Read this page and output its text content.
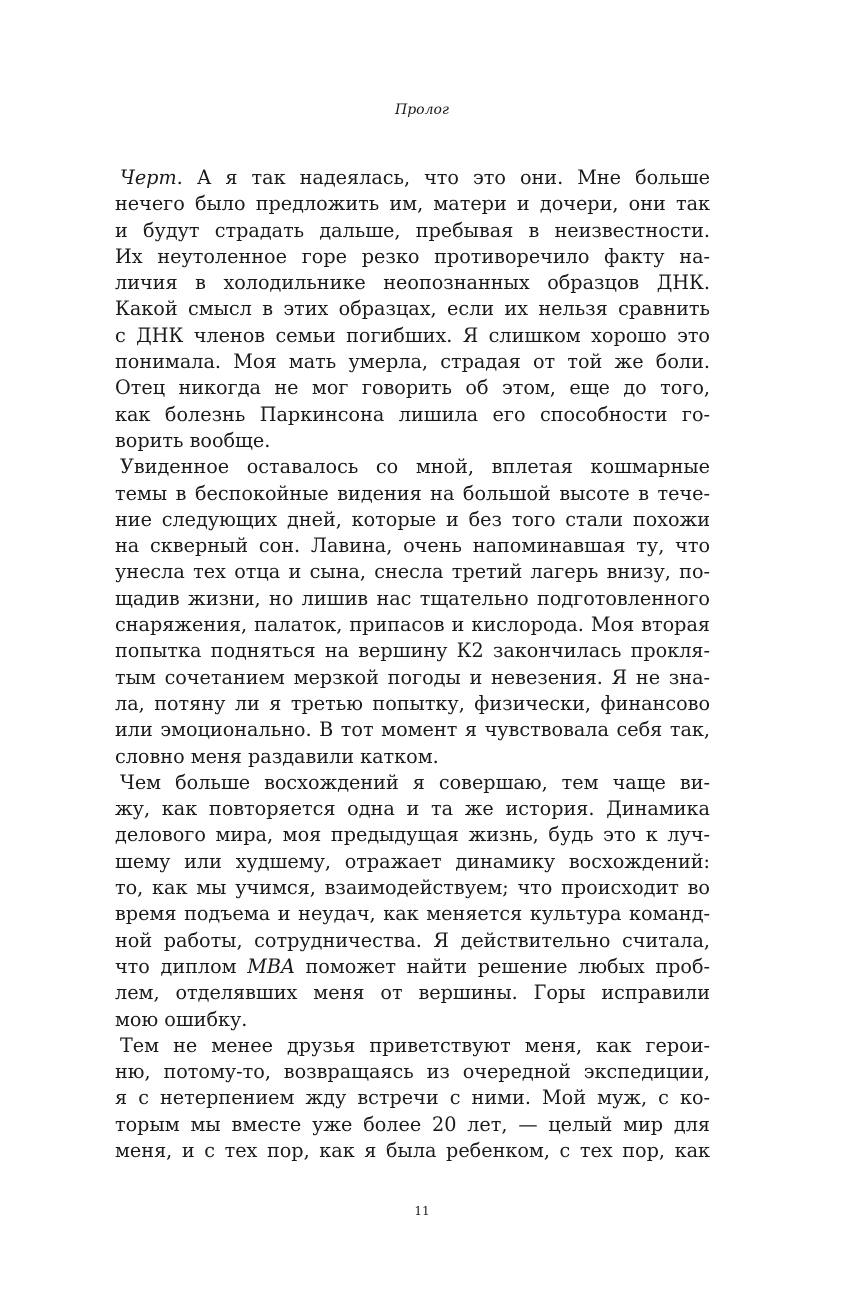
Пролог
Черт. А я так надеялась, что это они. Мне больше
нечего было предложить им, матери и дочери, они так
и будут страдать дальше, пребывая в неизвестности.
Их неутоленное горе резко противоречило факту на-
личия в холодильнике неопознанных образцов ДНК.
Какой смысл в этих образцах, если их нельзя сравнить
с ДНК членов семьи погибших. Я слишком хорошо это
понимала. Моя мать умерла, страдая от той же боли.
Отец никогда не мог говорить об этом, еще до того,
как болезнь Паркинсона лишила его способности го-
ворить вообще.
Увиденное оставалось со мной, вплетая кошмарные
темы в беспокойные видения на большой высоте в тече-
ние следующих дней, которые и без того стали похожи
на скверный сон. Лавина, очень напоминавшая ту, что
унесла тех отца и сына, снесла третий лагерь внизу, по-
щадив жизни, но лишив нас тщательно подготовленного
снаряжения, палаток, припасов и кислорода. Моя вторая
попытка подняться на вершину К2 закончилась прокля-
тым сочетанием мерзкой погоды и невезения. Я не зна-
ла, потяну ли я третью попытку, физически, финансово
или эмоционально. В тот момент я чувствовала себя так,
словно меня раздавили катком.
Чем больше восхождений я совершаю, тем чаще ви-
жу, как повторяется одна и та же история. Динамика
делового мира, моя предыдущая жизнь, будь это к луч-
шему или худшему, отражает динамику восхождений:
то, как мы учимся, взаимодействуем; что происходит во
время подъема и неудач, как меняется культура команд-
ной работы, сотрудничества. Я действительно считала,
что диплом MBA поможет найти решение любых проб-
лем, отделявших меня от вершины. Горы исправили
мою ошибку.
Тем не менее друзья приветствуют меня, как герои-
ню, потому-то, возвращаясь из очередной экспедиции,
я с нетерпением жду встречи с ними. Мой муж, с ко-
торым мы вместе уже более 20 лет, — целый мир для
меня, и с тех пор, как я была ребенком, с тех пор, как
11
